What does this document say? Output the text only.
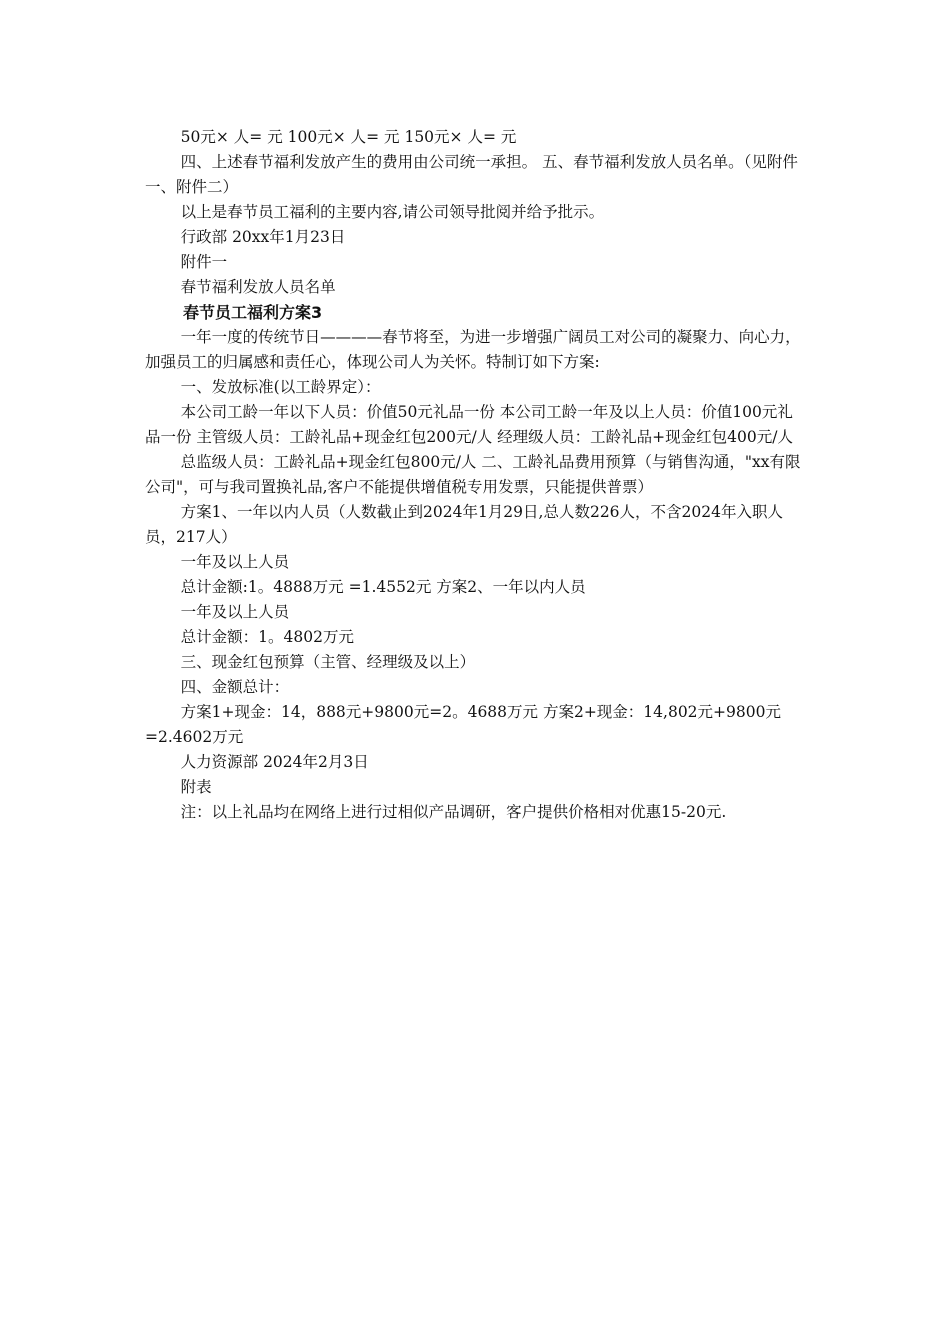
50元× 人= 元 100元× 人= 元 150元× 人= 元

四、上述春节福利发放产生的费用由公司统一承担。 五、春节福利发放人员名单。（见附件一、附件二）

以上是春节员工福利的主要内容,请公司领导批阅并给予批示。

行政部 20xx年1月23日

附件一

春节福利发放人员名单

春节员工福利方案3

一年一度的传统节日————春节将至，为进一步增强广阔员工对公司的凝聚力、向心力，加强员工的归属感和责任心，体现公司人为关怀。特制订如下方案:

一、发放标准(以工龄界定）：

本公司工龄一年以下人员：价值50元礼品一份 本公司工龄一年及以上人员：价值100元礼品一份 主管级人员：工龄礼品+现金红包200元/人 经理级人员：工龄礼品+现金红包400元/人

总监级人员：工龄礼品+现金红包800元/人 二、工龄礼品费用预算（与销售沟通，"xx有限公司"，可与我司置换礼品,客户不能提供增值税专用发票，只能提供普票）

方案1、一年以内人员（人数截止到2024年1月29日,总人数226人，不含2024年入职人员，217人）

一年及以上人员

总计金额:1。4888万元 =1.4552元 方案2、一年以内人员

一年及以上人员

总计金额：1。4802万元

三、现金红包预算（主管、经理级及以上）

四、金额总计：

方案1+现金：14，888元+9800元=2。4688万元 方案2+现金：14,802元+9800元=2.4602万元

人力资源部 2024年2月3日

附表

注：以上礼品均在网络上进行过相似产品调研，客户提供价格相对优惠15-20元.
